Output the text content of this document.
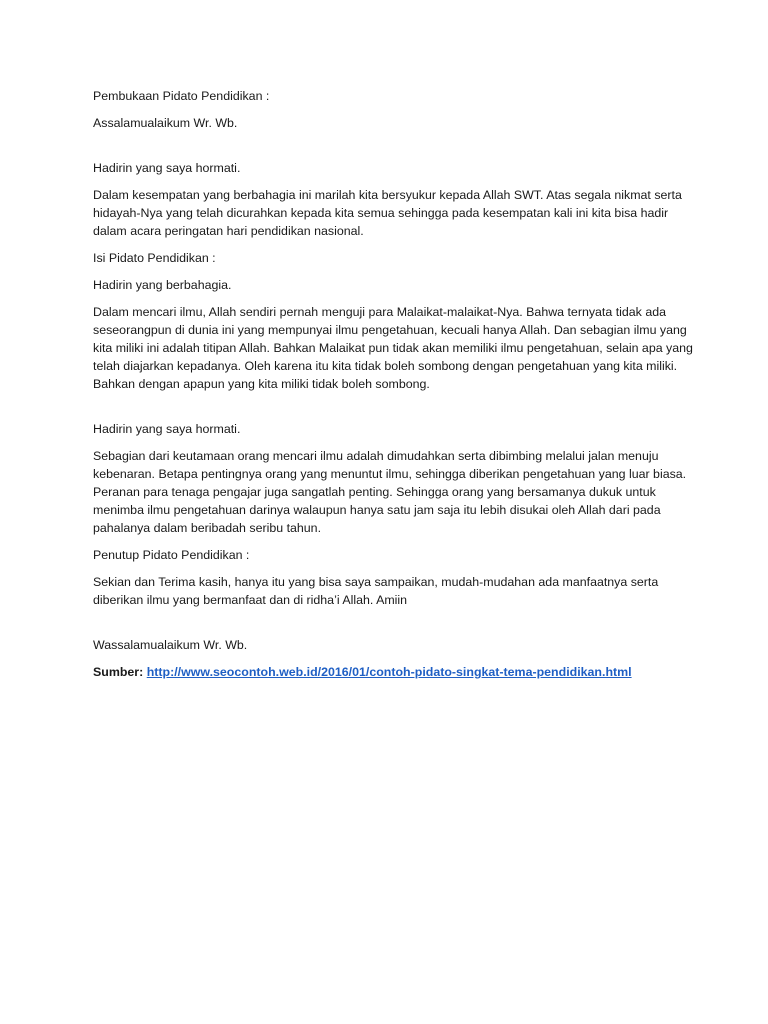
Pembukaan Pidato Pendidikan :

Assalamualaikum Wr. Wb.

Hadirin yang saya hormati.

Dalam kesempatan yang berbahagia ini marilah kita bersyukur kepada Allah SWT. Atas segala nikmat serta hidayah-Nya yang telah dicurahkan kepada kita semua sehingga pada kesempatan kali ini kita bisa hadir dalam acara peringatan hari pendidikan nasional.

Isi Pidato Pendidikan :

Hadirin yang berbahagia.

Dalam mencari ilmu, Allah sendiri pernah menguji para Malaikat-malaikat-Nya. Bahwa ternyata tidak ada seseorangpun di dunia ini yang mempunyai ilmu pengetahuan, kecuali hanya Allah. Dan sebagian ilmu yang kita miliki ini adalah titipan Allah. Bahkan Malaikat pun tidak akan memiliki ilmu pengetahuan, selain apa yang telah diajarkan kepadanya. Oleh karena itu kita tidak boleh sombong dengan pengetahuan yang kita miliki. Bahkan dengan apapun yang kita miliki tidak boleh sombong.

Hadirin yang saya hormati.

Sebagian dari keutamaan orang mencari ilmu adalah dimudahkan serta dibimbing melalui jalan menuju kebenaran. Betapa pentingnya orang yang menuntut ilmu, sehingga diberikan pengetahuan yang luar biasa. Peranan para tenaga pengajar juga sangatlah penting. Sehingga orang yang bersamanya dukuk untuk menimba ilmu pengetahuan darinya walaupun hanya satu jam saja itu lebih disukai oleh Allah dari pada pahalanya dalam beribadah seribu tahun.

Penutup Pidato Pendidikan :

Sekian dan Terima kasih, hanya itu yang bisa saya sampaikan, mudah-mudahan ada manfaatnya serta diberikan ilmu yang bermanfaat dan di ridha’i Allah. Amiin

Wassalamualaikum Wr. Wb.

Sumber: http://www.seocontoh.web.id/2016/01/contoh-pidato-singkat-tema-pendidikan.html
